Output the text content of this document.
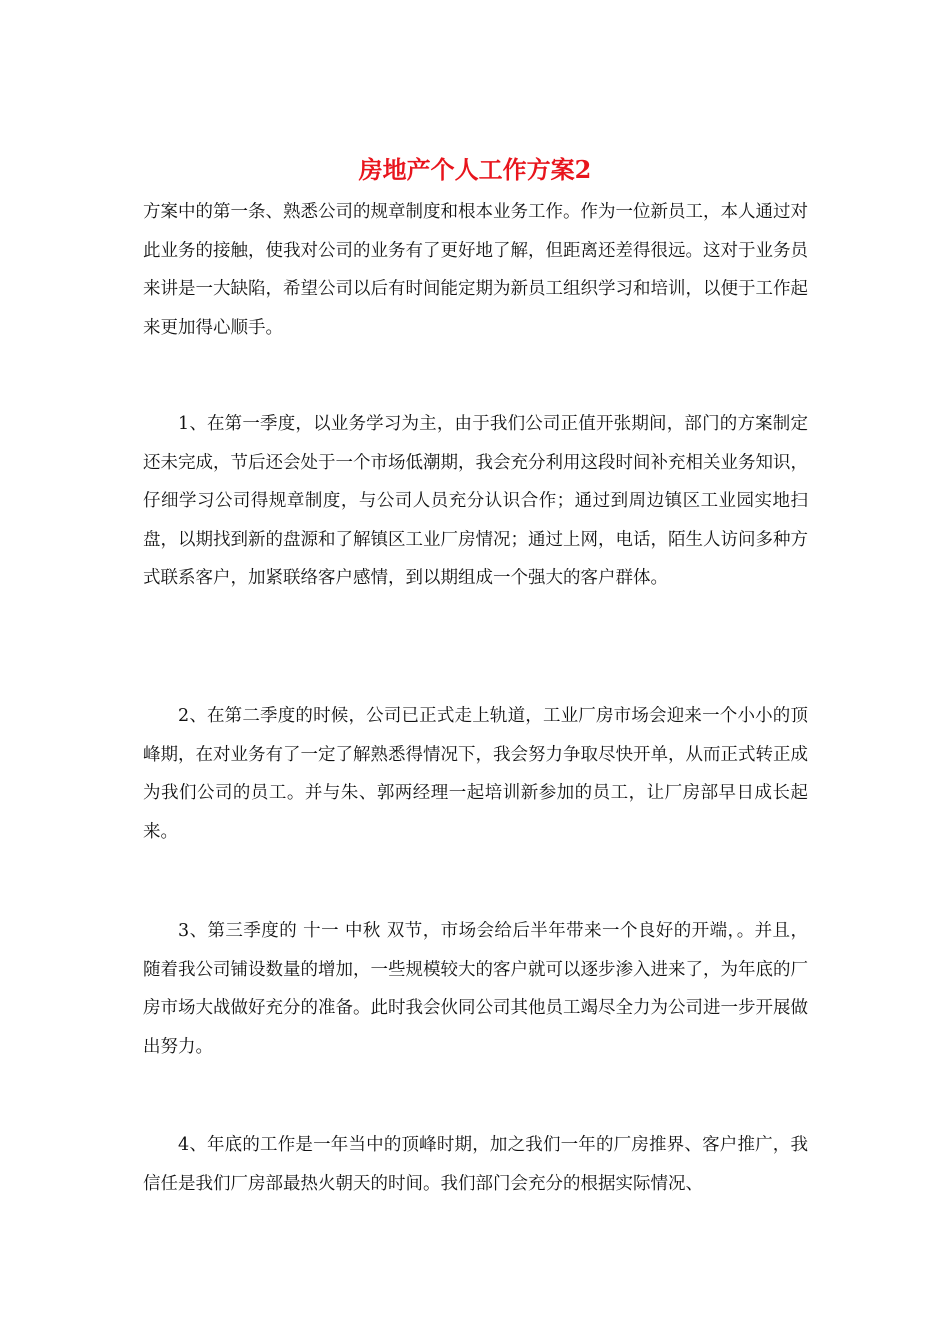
房地产个人工作方案2

方案中的第一条、熟悉公司的规章制度和根本业务工作。作为一位新员工，本人通过对此业务的接触，使我对公司的业务有了更好地了解，但距离还差得很远。这对于业务员来讲是一大缺陷，希望公司以后有时间能定期为新员工组织学习和培训，以便于工作起来更加得心顺手。

1、在第一季度，以业务学习为主，由于我们公司正值开张期间，部门的方案制定还未完成，节后还会处于一个市场低潮期，我会充分利用这段时间补充相关业务知识，仔细学习公司得规章制度，与公司人员充分认识合作；通过到周边镇区工业园实地扫盘，以期找到新的盘源和了解镇区工业厂房情况；通过上网，电话，陌生人访问多种方式联系客户，加紧联络客户感情，到以期组成一个强大的客户群体。

2、在第二季度的时候，公司已正式走上轨道，工业厂房市场会迎来一个小小的顶峰期，在对业务有了一定了解熟悉得情况下，我会努力争取尽快开单，从而正式转正成为我们公司的员工。并与朱、郭两经理一起培训新参加的员工，让厂房部早日成长起来。

3、第三季度的 十一 中秋 双节，市场会给后半年带来一个良好的开端，。并且，随着我公司铺设数量的增加，一些规模较大的客户就可以逐步渗入进来了，为年底的厂房市场大战做好充分的准备。此时我会伙同公司其他员工竭尽全力为公司进一步开展做出努力。

4、年底的工作是一年当中的顶峰时期，加之我们一年的厂房推界、客户推广，我信任是我们厂房部最热火朝天的时间。我们部门会充分的根据实际情况、
